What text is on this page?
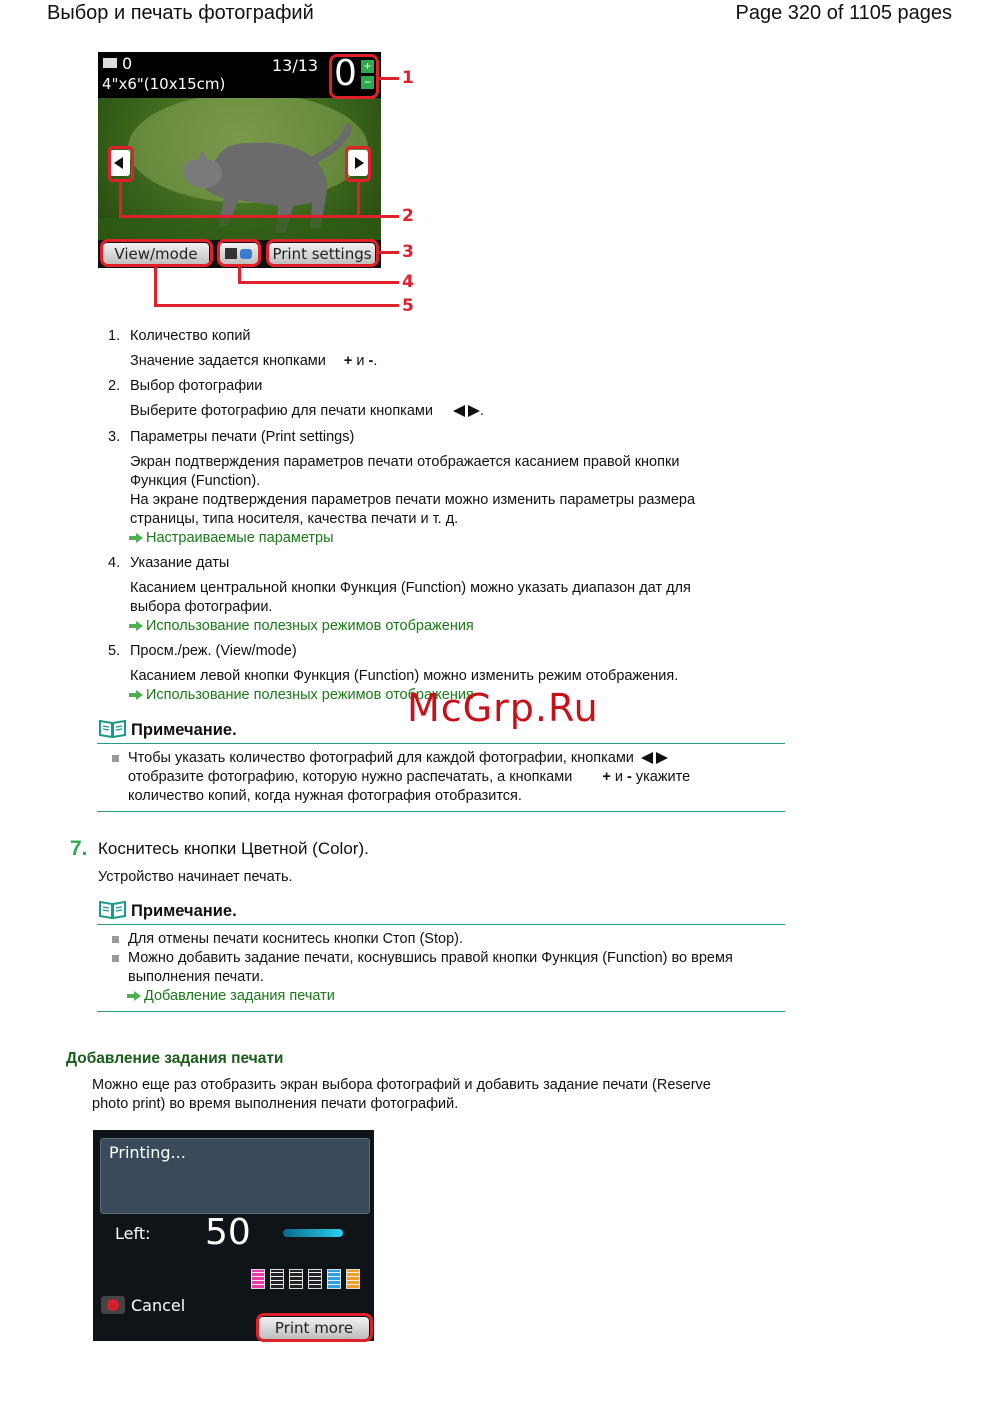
Выбор и печать фотографий	Page 320 of 1105 pages
0
4"x6"(10x15cm)
13/13 0 +
−
View/mode	Print settings
1
2
3
4
5
1. Количество копий
Значение задается кнопками + и -.
2. Выбор фотографии
Выберите фотографию для печати кнопками	.
3. Параметры печати (Print settings)
Экран подтверждения параметров печати отображается касанием правой кнопки
Функция (Function).
На экране подтверждения параметров печати можно изменить параметры размера
страницы, типа носителя, качества печати и т. д.
Настраиваемые параметры
4. Указание даты
Касанием центральной кнопки Функция (Function) можно указать диапазон дат для
выбора фотографии.
Использование полезных режимов отображения
5. Просм./реж. (View/mode)
Касанием левой кнопки Функция (Function) можно изменить режим отображения.
Использование полезных режимов отображения
McGrp.Ru
Примечание.
Чтобы указать количество фотографий для каждой фотографии, кнопками
отобразите фотографию, которую нужно распечатать, а кнопками + и - укажите
количество копий, когда нужная фотография отобразится.
7. Коснитесь кнопки Цветной (Color).
Устройство начинает печать.
Примечание.
Для отмены печати коснитесь кнопки Стоп (Stop).
Можно добавить задание печати, коснувшись правой кнопки Функция (Function) во время
выполнения печати.
Добавление задания печати
Добавление задания печати
Можно еще раз отобразить экран выбора фотографий и добавить задание печати (Reserve
photo print) во время выполнения печати фотографий.
Printing...
Left: 50
Cancel
Print more
